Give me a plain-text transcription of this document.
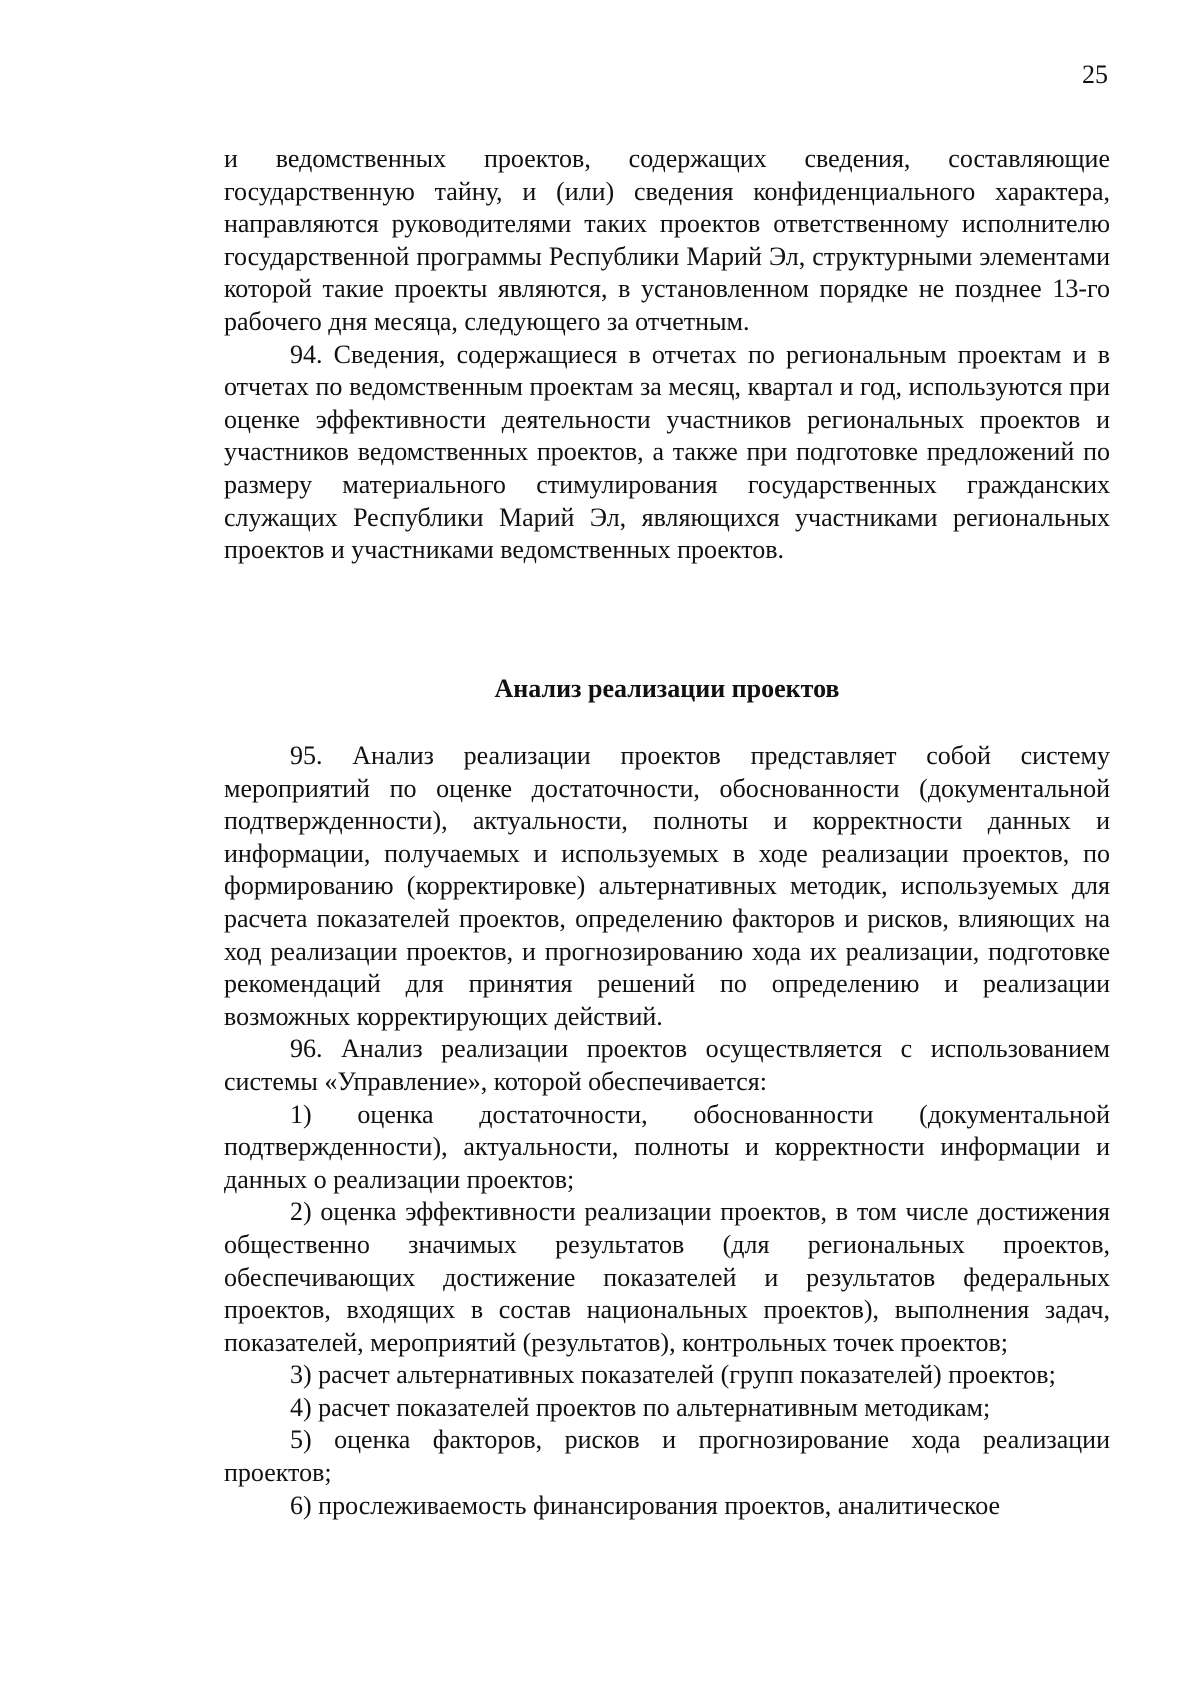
25

и ведомственных проектов, содержащих сведения, составляющие государственную тайну, и (или) сведения конфиденциального характера, направляются руководителями таких проектов ответственному исполнителю государственной программы Республики Марий Эл, структурными элементами которой такие проекты являются, в установленном порядке не позднее 13-го рабочего дня месяца, следующего за отчетным.

94. Сведения, содержащиеся в отчетах по региональным проектам и в отчетах по ведомственным проектам за месяц, квартал и год, используются при оценке эффективности деятельности участников региональных проектов и участников ведомственных проектов, а также при подготовке предложений по размеру материального стимулирования государственных гражданских служащих Республики Марий Эл, являющихся участниками региональных проектов и участниками ведомственных проектов.

Анализ реализации проектов

95. Анализ реализации проектов представляет собой систему мероприятий по оценке достаточности, обоснованности (документальной подтвержденности), актуальности, полноты и корректности данных и информации, получаемых и используемых в ходе реализации проектов, по формированию (корректировке) альтернативных методик, используемых для расчета показателей проектов, определению факторов и рисков, влияющих на ход реализации проектов, и прогнозированию хода их реализации, подготовке рекомендаций для принятия решений по определению и реализации возможных корректирующих действий.

96. Анализ реализации проектов осуществляется с использованием системы «Управление», которой обеспечивается:

1) оценка достаточности, обоснованности (документальной подтвержденности), актуальности, полноты и корректности информации и данных о реализации проектов;

2) оценка эффективности реализации проектов, в том числе достижения общественно значимых результатов (для региональных проектов, обеспечивающих достижение показателей и результатов федеральных проектов, входящих в состав национальных проектов), выполнения задач, показателей, мероприятий (результатов), контрольных точек проектов;

3) расчет альтернативных показателей (групп показателей) проектов;

4) расчет показателей проектов по альтернативным методикам;

5) оценка факторов, рисков и прогнозирование хода реализации проектов;

6) прослеживаемость финансирования проектов, аналитическое
